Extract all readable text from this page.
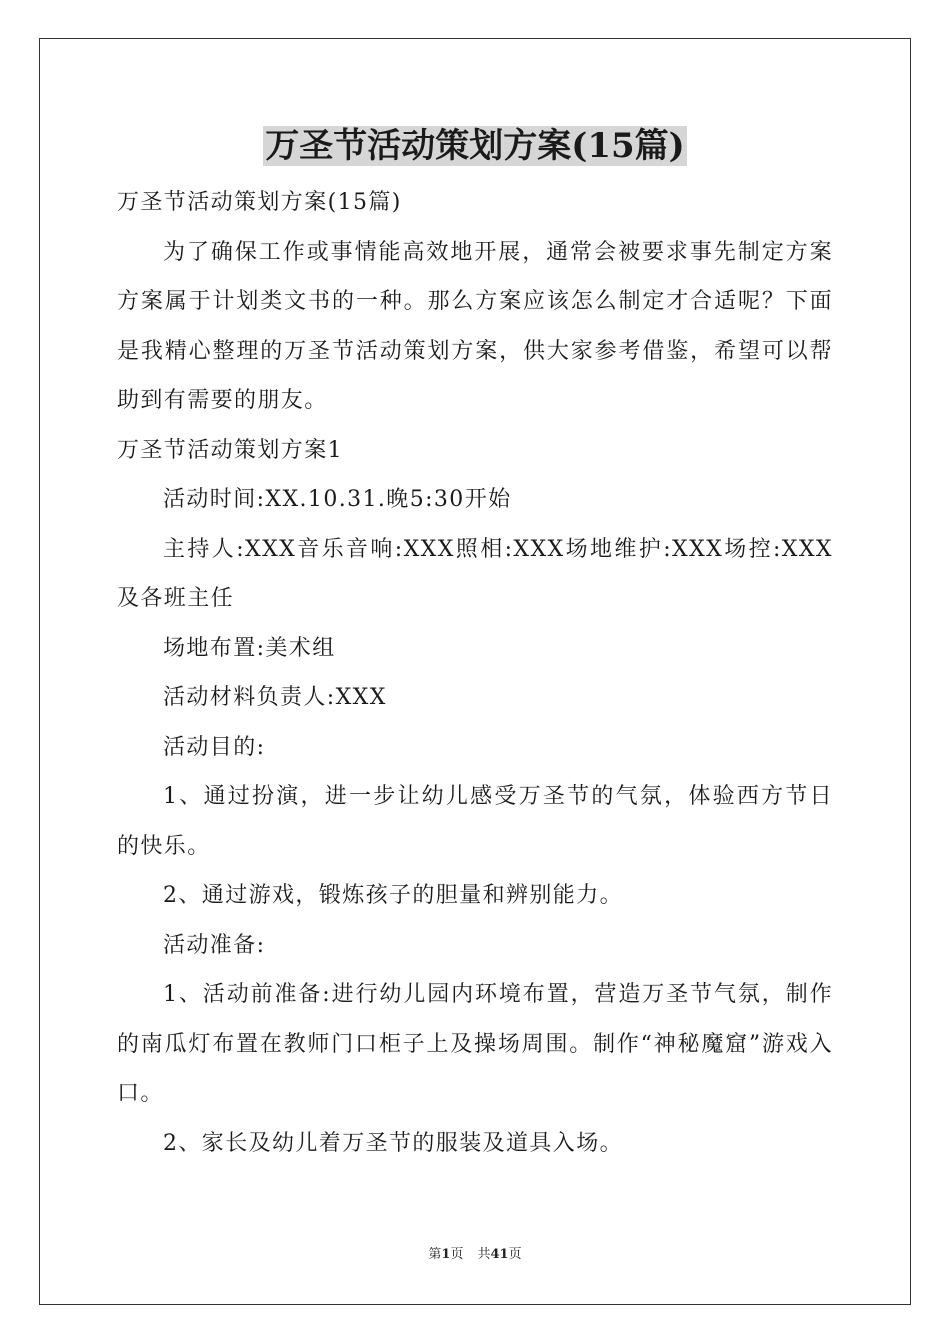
万圣节活动策划方案(15篇)

万圣节活动策划方案(15篇)

为了确保工作或事情能高效地开展，通常会被要求事先制定方案方案属于计划类文书的一种。那么方案应该怎么制定才合适呢？下面是我精心整理的万圣节活动策划方案，供大家参考借鉴，希望可以帮助到有需要的朋友。

万圣节活动策划方案1

活动时间:XX.10.31.晚5:30开始

主持人:XXX音乐音响:XXX照相:XXX场地维护:XXX场控:XXX及各班主任

场地布置:美术组

活动材料负责人:XXX

活动目的:

1、通过扮演，进一步让幼儿感受万圣节的气氛，体验西方节日的快乐。

2、通过游戏，锻炼孩子的胆量和辨别能力。

活动准备:

1、活动前准备:进行幼儿园内环境布置，营造万圣节气氛，制作的南瓜灯布置在教师门口柜子上及操场周围。制作“神秘魔窟”游戏入口。

2、家长及幼儿着万圣节的服装及道具入场。

第1页 共41页
